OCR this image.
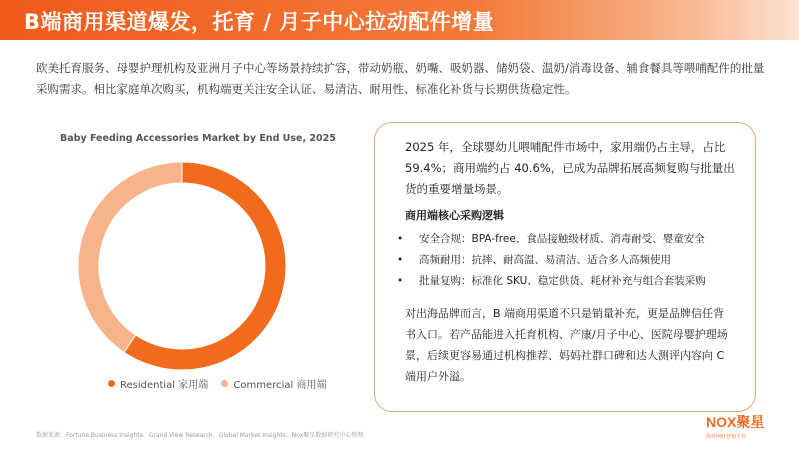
B端商用渠道爆发，托育 / 月子中心拉动配件增量

欧美托育服务、母婴护理机构及亚洲月子中心等场景持续扩容，带动奶瓶、奶嘴、吸奶器、储奶袋、温奶/消毒设备、辅食餐具等喂哺配件的批量采购需求。相比家庭单次购买，机构端更关注安全认证、易清洁、耐用性、标准化补货与长期供货稳定性。

Baby Feeding Accessories Market by End Use, 2025
Residential 家用端
	Commercial 商用端
数据来源：Fortune Business Insights、Grand View Research、Global Market Insights；Nox聚星数据研究中心整理

2025 年，全球婴幼儿喂哺配件市场中，家用端仍占主导，占比 59.4%；商用端约占 40.6%，已成为品牌拓展高频复购与批量出货的重要增量场景。

商用端核心采购逻辑
• 安全合规：BPA-free、食品接触级材质、消毒耐受、婴童安全
• 高频耐用：抗摔、耐高温、易清洁、适合多人高频使用
• 批量复购：标准化 SKU、稳定供货、耗材补充与组合套装采购

对出海品牌而言，B 端商用渠道不只是销量补充，更是品牌信任背书入口。若产品能进入托育机构、产康/月子中心、医院母婴护理场景，后续更容易通过机构推荐、妈妈社群口碑和达人测评内容向 C 端用户外溢。

NOX聚星
海外网红营销平台
